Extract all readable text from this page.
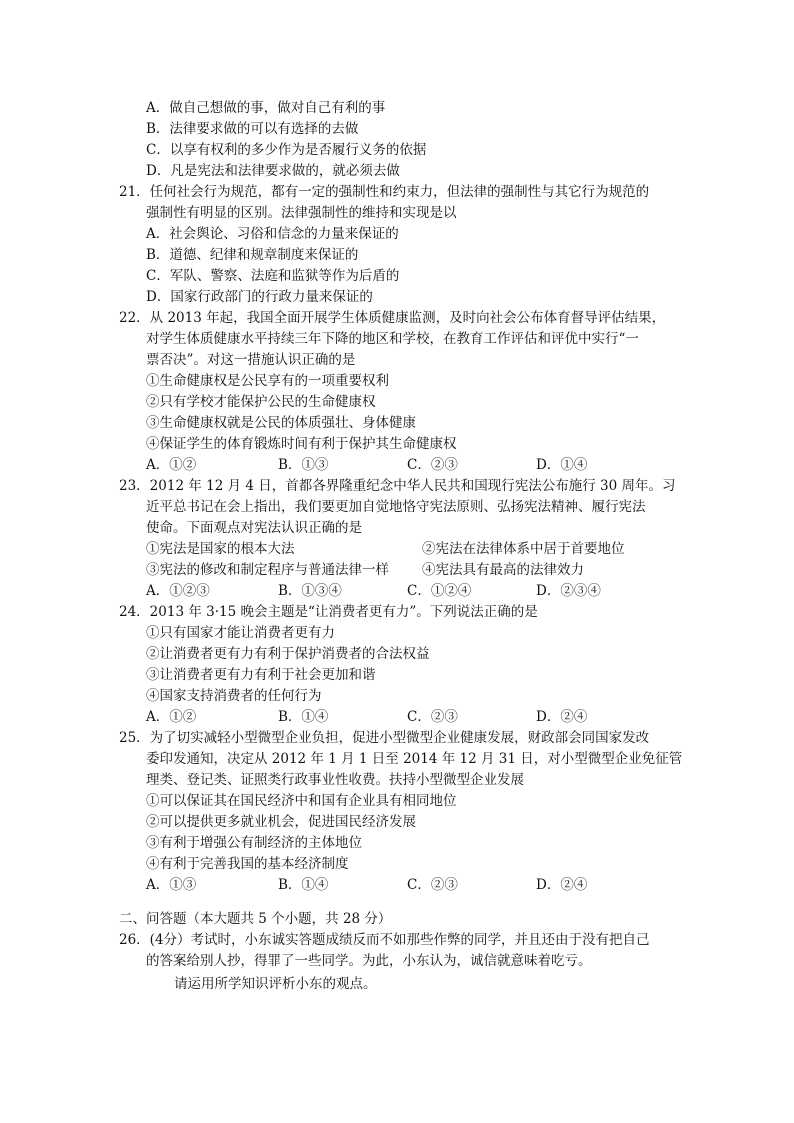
A．做自己想做的事，做对自己有利的事
B．法律要求做的可以有选择的去做
C．以享有权利的多少作为是否履行义务的依据
D．凡是宪法和法律要求做的，就必须去做
21．任何社会行为规范，都有一定的强制性和约束力，但法律的强制性与其它行为规范的
强制性有明显的区别。法律强制性的维持和实现是以
A．社会舆论、习俗和信念的力量来保证的
B．道德、纪律和规章制度来保证的
C．军队、警察、法庭和监狱等作为后盾的
D．国家行政部门的行政力量来保证的
22．从 2013 年起，我国全面开展学生体质健康监测，及时向社会公布体育督导评估结果，
对学生体质健康水平持续三年下降的地区和学校，在教育工作评估和评优中实行“一
票否决”。对这一措施认识正确的是
①生命健康权是公民享有的一项重要权利
②只有学校才能保护公民的生命健康权
③生命健康权就是公民的体质强壮、身体健康
④保证学生的体育锻炼时间有利于保护其生命健康权
A．①②	B．①③	C．②③	D．①④
23．2012 年 12 月 4 日，首都各界隆重纪念中华人民共和国现行宪法公布施行 30 周年。习
近平总书记在会上指出，我们要更加自觉地恪守宪法原则、弘扬宪法精神、履行宪法
使命。下面观点对宪法认识正确的是
①宪法是国家的根本大法	②宪法在法律体系中居于首要地位
③宪法的修改和制定程序与普通法律一样 ④宪法具有最高的法律效力
A．①②③	B．①③④	C．①②④	D．②③④
24．2013 年 3·15 晚会主题是“让消费者更有力”。下列说法正确的是
①只有国家才能让消费者更有力
②让消费者更有力有利于保护消费者的合法权益
③让消费者更有力有利于社会更加和谐
④国家支持消费者的任何行为
A．①②	B．①④	C．②③	D．②④
25．为了切实减轻小型微型企业负担，促进小型微型企业健康发展，财政部会同国家发改
委印发通知，决定从 2012 年 1 月 1 日至 2014 年 12 月 31 日，对小型微型企业免征管
理类、登记类、证照类行政事业性收费。扶持小型微型企业发展
①可以保证其在国民经济中和国有企业具有相同地位
②可以提供更多就业机会，促进国民经济发展
③有利于增强公有制经济的主体地位
④有利于完善我国的基本经济制度
A．①③	B．①④	C．②③	D．②④
二、问答题（本大题共 5 个小题，共 28 分）
26．(4分）考试时，小东诚实答题成绩反而不如那些作弊的同学，并且还由于没有把自己
的答案给别人抄，得罪了一些同学。为此，小东认为，诚信就意味着吃亏。
请运用所学知识评析小东的观点。
